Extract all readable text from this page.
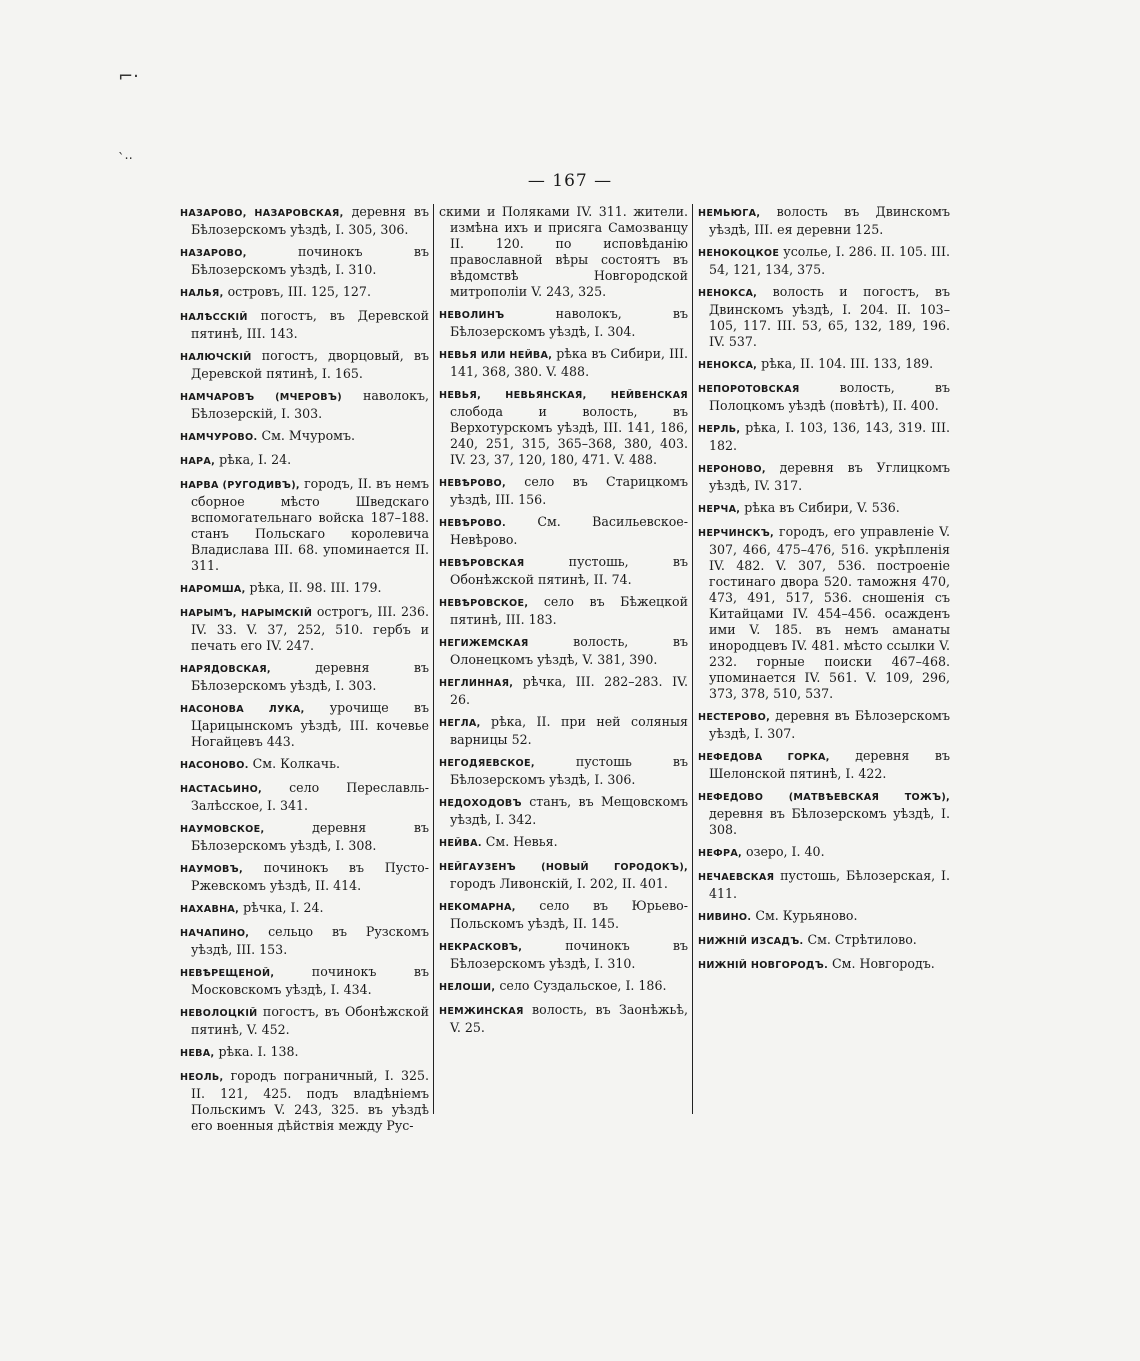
⌐·
ˋ··
— 167 —

НАЗАРОВО, НАЗАРОВСКАЯ, деревня въ Бѣлозерскомъ уѣздѣ, I. 305, 306.

НАЗАРОВО, починокъ въ Бѣлозерскомъ уѣздѣ, I. 310.

НАЛЬЯ, островъ, III. 125, 127.

НАЛѢССКІЙ погостъ, въ Деревской пятинѣ, III. 143.

НАЛЮЧСКІЙ погостъ, дворцовый, въ Деревской пятинѣ, I. 165.

НАМЧАРОВЪ (МЧЕРОВЪ) наволокъ, Бѣлозерскій, I. 303.

НАМЧУРОВО. См. Мчуромъ.

НАРА, рѣка, I. 24.

НАРВА (РУГОДИВЪ), городъ, II. въ немъ сборное мѣсто Шведскаго вспомогательнаго войска 187–188. станъ Польскаго королевича Владислава III. 68. упоминается II. 311.

НАРОМША, рѣка, II. 98. III. 179.

НАРЫМЪ, НАРЫМСКІЙ острогъ, III. 236. IV. 33. V. 37, 252, 510. гербъ и печать его IV. 247.

НАРЯДОВСКАЯ, деревня въ Бѣлозерскомъ уѣздѣ, I. 303.

НАСОНОВА ЛУКА, урочище въ Царицынскомъ уѣздѣ, III. кочевье Ногайцевъ 443.

НАСОНОВО. См. Колкачь.

НАСТАСЬИНО, село Переславль-Залѣсское, I. 341.

НАУМОВСКОЕ, деревня въ Бѣлозерскомъ уѣздѣ, I. 308.

НАУМОВЪ, починокъ въ Пусто-Ржевскомъ уѣздѣ, II. 414.

НАХАВНА, рѣчка, I. 24.

НАЧАПИНО, сельцо въ Рузскомъ уѣздѣ, III. 153.

НЕВѢРЕЩЕНОЙ, починокъ въ Московскомъ уѣздѣ, I. 434.

НЕВОЛОЦКІЙ погостъ, въ Обонѣжской пятинѣ, V. 452.

НЕВА, рѣка. I. 138.

НЕОЛЬ, городъ пограничный, I. 325. II. 121, 425. подъ владѣніемъ Польскимъ V. 243, 325. въ уѣздѣ его военныя дѣйствія между Рус-

скими и Поляками IV. 311. жители. измѣна ихъ и присяга Самозванцу II. 120. по исповѣданію православной вѣры состоятъ въ вѣдомствѣ Новгородской митрополіи V. 243, 325.

НЕВОЛИНЪ наволокъ, въ Бѣлозерскомъ уѣздѣ, I. 304.

НЕВЬЯ ИЛИ НЕЙВА, рѣка въ Сибири, III. 141, 368, 380. V. 488.

НЕВЬЯ, НЕВЬЯНСКАЯ, НЕЙВЕНСКАЯ слобода и волость, въ Верхотурскомъ уѣздѣ, III. 141, 186, 240, 251, 315, 365–368, 380, 403. IV. 23, 37, 120, 180, 471. V. 488.

НЕВѢРОВО, село въ Старицкомъ уѣздѣ, III. 156.

НЕВѢРОВО. См. Васильевское-Невѣрово.

НЕВѢРОВСКАЯ пустошь, въ Обонѣжской пятинѣ, II. 74.

НЕВѢРОВСКОЕ, село въ Бѣжецкой пятинѣ, III. 183.

НЕГИЖЕМСКАЯ волость, въ Олонецкомъ уѣздѣ, V. 381, 390.

НЕГЛИННАЯ, рѣчка, III. 282–283. IV. 26.

НЕГЛА, рѣка, II. при ней соляныя варницы 52.

НЕГОДЯЕВСКОЕ, пустошь въ Бѣлозерскомъ уѣздѣ, I. 306.

НЕДОХОДОВЪ станъ, въ Мещовскомъ уѣздѣ, I. 342.

НЕЙВА. См. Невья.

НЕЙГАУЗЕНЪ (НОВЫЙ ГОРОДОКЪ), городъ Ливонскій, I. 202, II. 401.

НЕКОМАРНА, село въ Юрьево-Польскомъ уѣздѣ, II. 145.

НЕКРАСКОВЪ, починокъ въ Бѣлозерскомъ уѣздѣ, I. 310.

НЕЛОШИ, село Суздальское, I. 186.

НЕМЖИНСКАЯ волость, въ Заонѣжьѣ, V. 25.

НЕМЬЮГА, волость въ Двинскомъ уѣздѣ, III. ея деревни 125.

НЕНОКОЦКОЕ усолье, I. 286. II. 105. III. 54, 121, 134, 375.

НЕНОКСА, волость и погостъ, въ Двинскомъ уѣздѣ, I. 204. II. 103–105, 117. III. 53, 65, 132, 189, 196. IV. 537.

НЕНОКСА, рѣка, II. 104. III. 133, 189.

НЕПОРОТОВСКАЯ волость, въ Полоцкомъ уѣздѣ (повѣтѣ), II. 400.

НЕРЛЬ, рѣка, I. 103, 136, 143, 319. III. 182.

НЕРОНОВО, деревня въ Углицкомъ уѣздѣ, IV. 317.

НЕРЧА, рѣка въ Сибири, V. 536.

НЕРЧИНСКЪ, городъ, его управленіе V. 307, 466, 475–476, 516. укрѣпленія IV. 482. V. 307, 536. построеніе гостинаго двора 520. таможня 470, 473, 491, 517, 536. сношенія съ Китайцами IV. 454–456. осажденъ ими V. 185. въ немъ аманаты инородцевъ IV. 481. мѣсто ссылки V. 232. горные поиски 467–468. упоминается IV. 561. V. 109, 296, 373, 378, 510, 537.

НЕСТЕРОВО, деревня въ Бѣлозерскомъ уѣздѣ, I. 307.

НЕФЕДОВА ГОРКА, деревня въ Шелонской пятинѣ, I. 422.

НЕФЕДОВО (МАТВѢЕВСКАЯ ТОЖЪ), деревня въ Бѣлозерскомъ уѣздѣ, I. 308.

НЕФРА, озеро, I. 40.

НЕЧАЕВСКАЯ пустошь, Бѣлозерская, I. 411.

НИВИНО. См. Курьяново.

НИЖНІЙ ИЗСАДЪ. См. Стрѣтилово.

НИЖНІЙ НОВГОРОДЪ. См. Новгородъ.
